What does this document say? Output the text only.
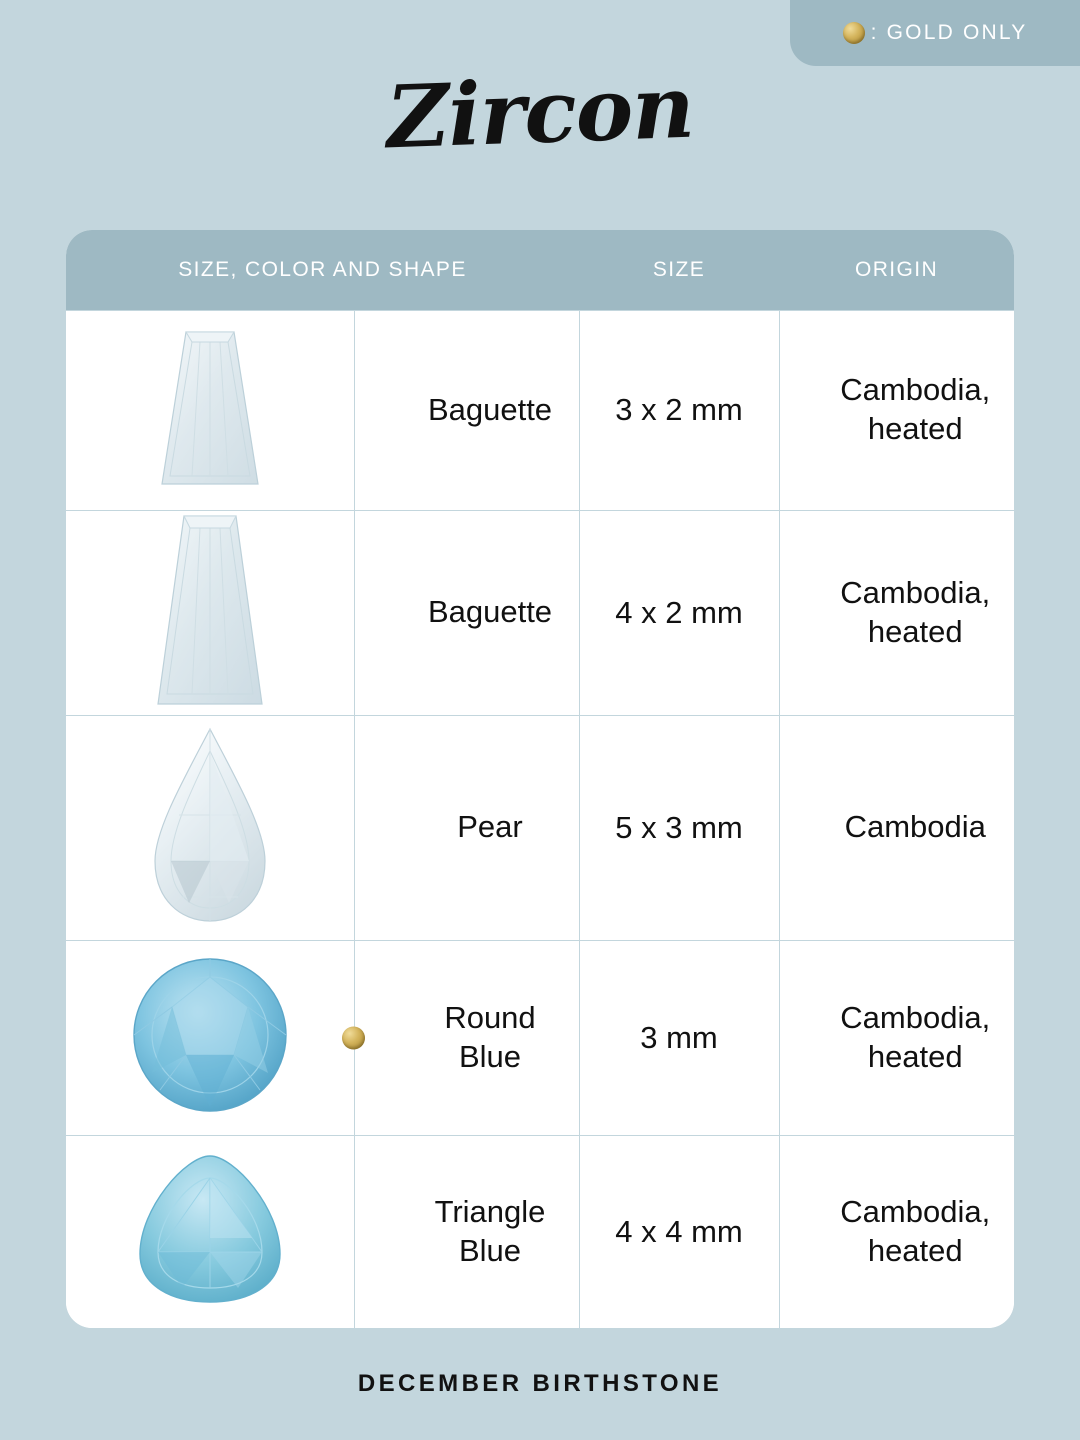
: GOLD ONLY
Zircon
SIZE, COLOR AND SHAPE		SIZE	ORIGIN
	Baguette	3 x 2 mm	Cambodia,
heated
	Baguette	4 x 2 mm	Cambodia,
heated
	Pear	5 x 3 mm	Cambodia

	Round
Blue	3 mm	Cambodia,
heated
	Triangle
Blue	4 x 4 mm	Cambodia,
heated
DECEMBER BIRTHSTONE
